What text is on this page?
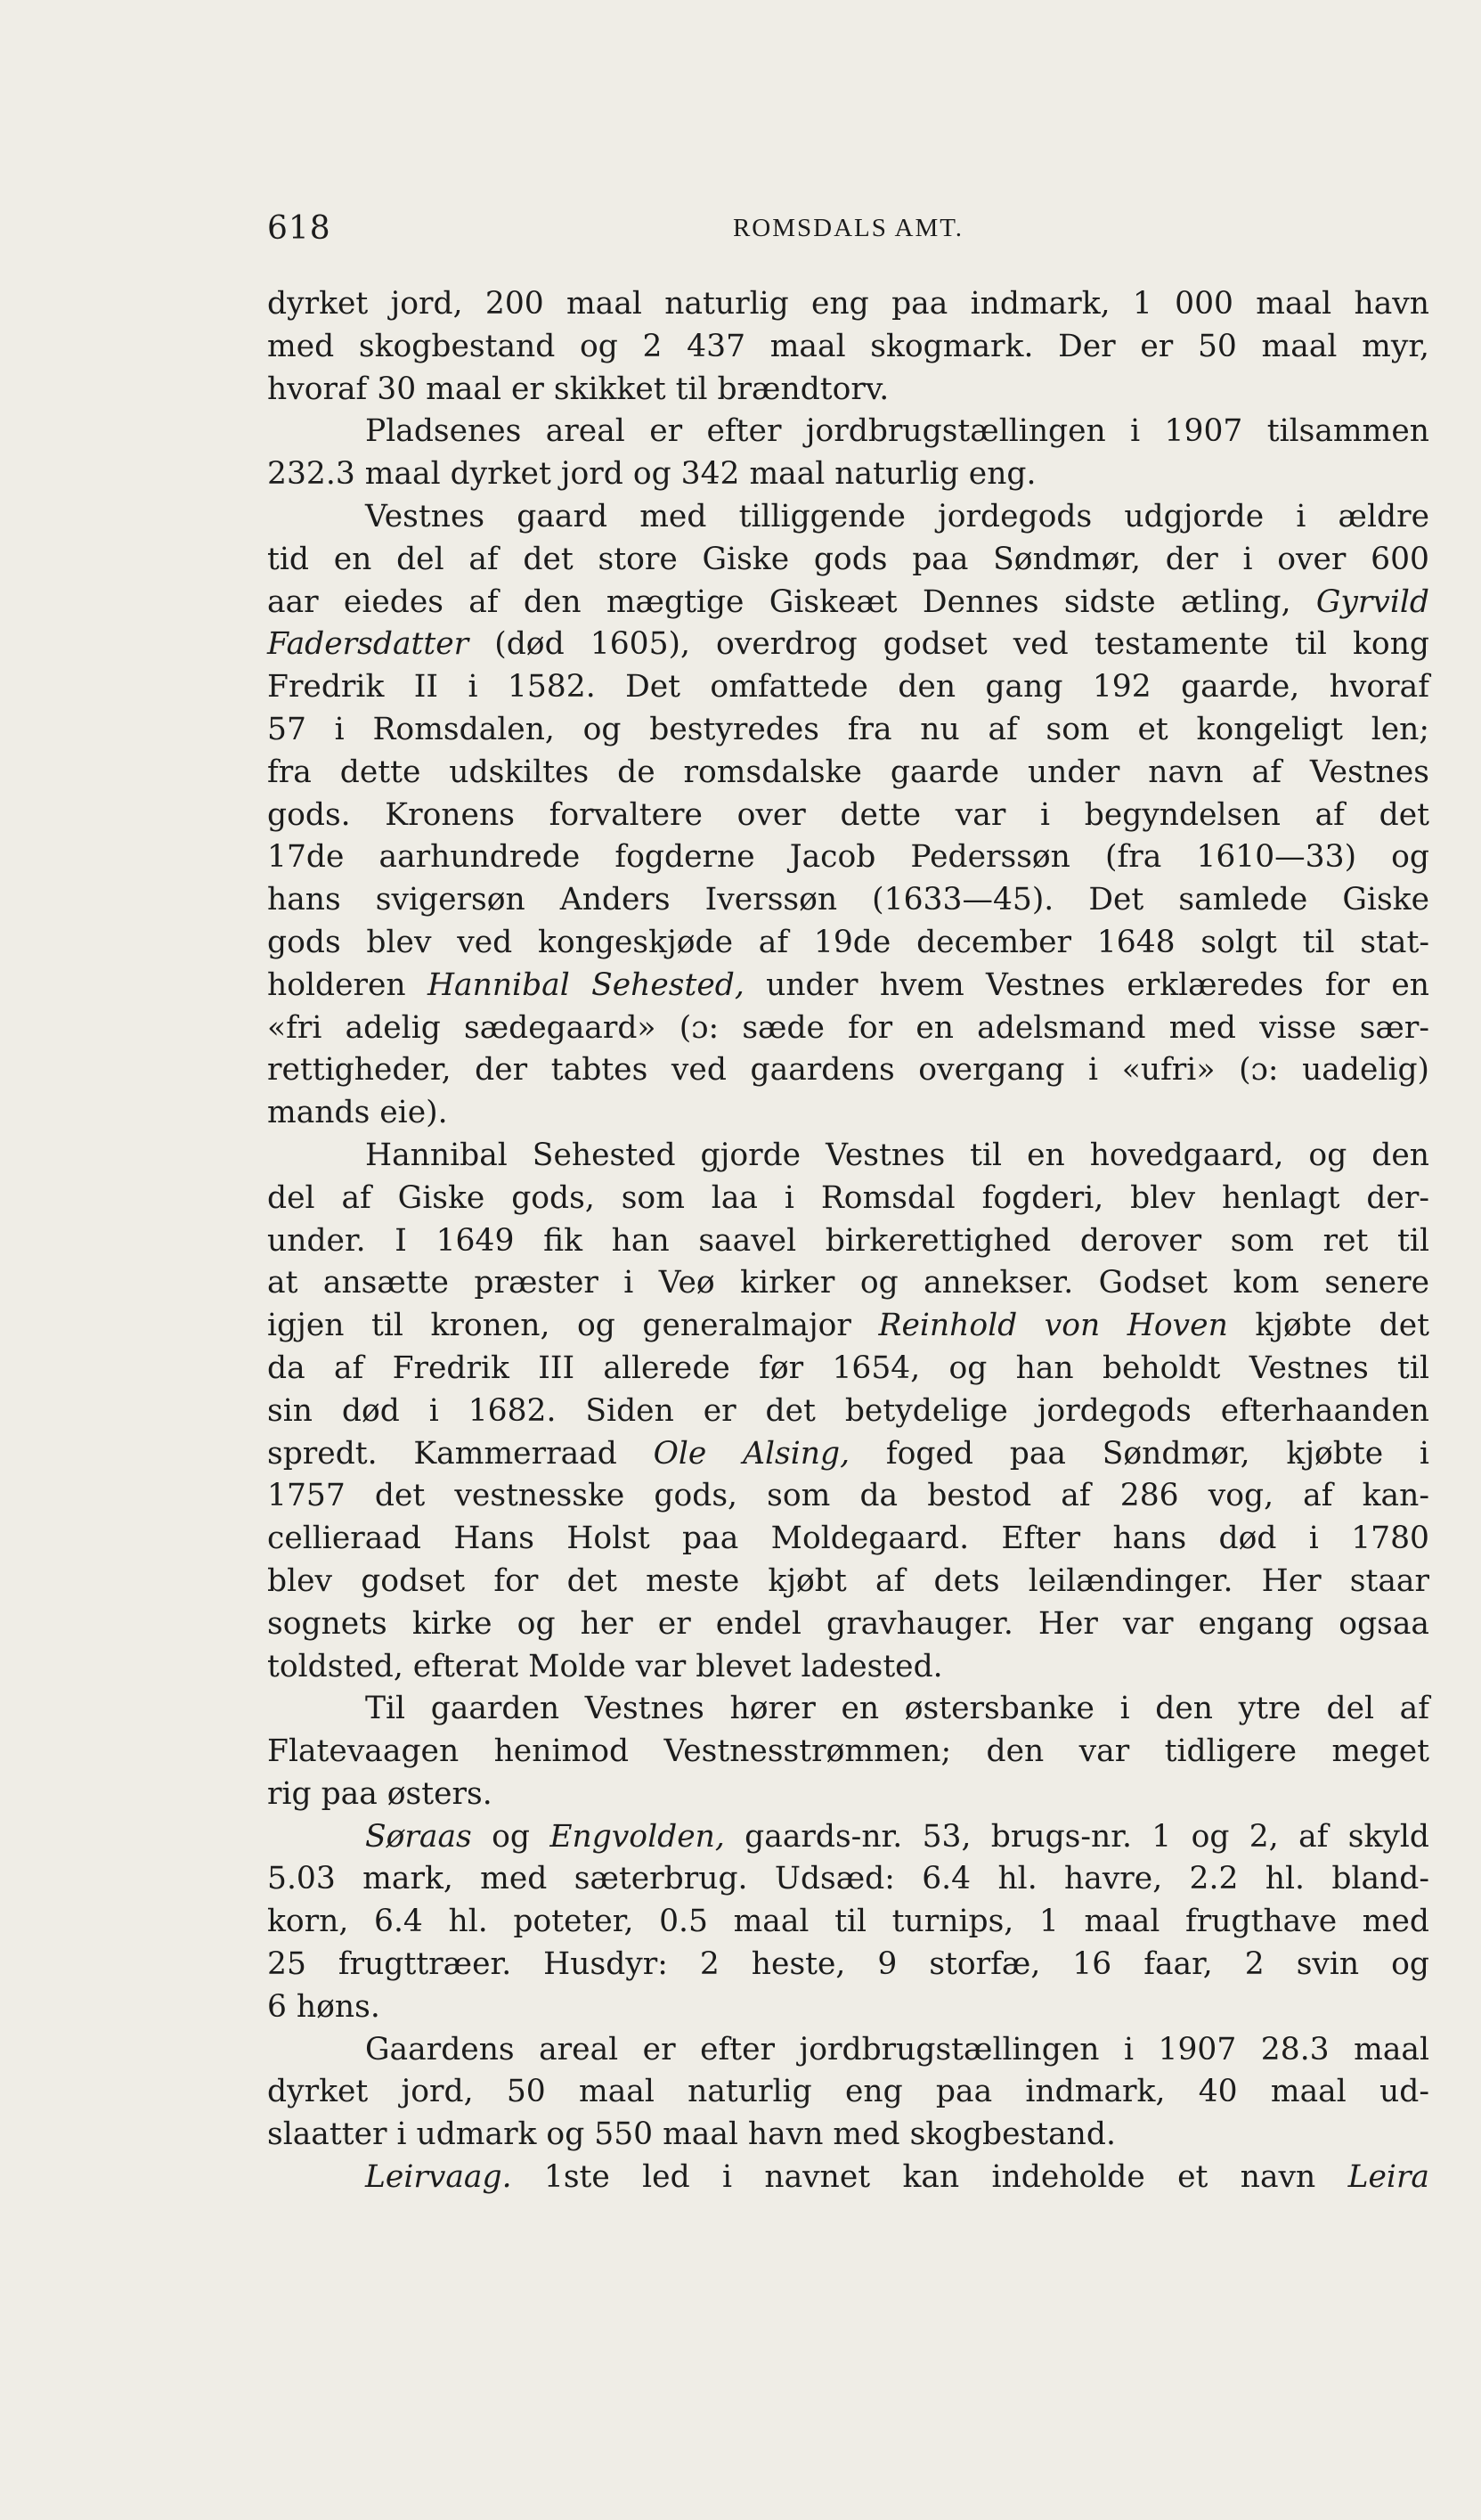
618	ROMSDALS AMT.
dyrket jord, 200 maal naturlig eng paa indmark, 1 000 maal havn
med skogbestand og 2 437 maal skogmark. Der er 50 maal myr,
hvoraf 30 maal er skikket til brændtorv.
Pladsenes areal er efter jordbrugstællingen i 1907 tilsammen
232.3 maal dyrket jord og 342 maal naturlig eng.
Vestnes gaard med tilliggende jordegods udgjorde i ældre
tid en del af det store Giske gods paa Søndmør, der i over 600
aar eiedes af den mægtige Giskeæt Dennes sidste ætling, Gyrvild
Fadersdatter (død 1605), overdrog godset ved testamente til kong
Fredrik II i 1582. Det omfattede den gang 192 gaarde, hvoraf
57 i Romsdalen, og bestyredes fra nu af som et kongeligt len;
fra dette udskiltes de romsdalske gaarde under navn af Vestnes
gods. Kronens forvaltere over dette var i begyndelsen af det
17de aarhundrede fogderne Jacob Pederssøn (fra 1610—33) og
hans svigersøn Anders Iverssøn (1633—45). Det samlede Giske
gods blev ved kongeskjøde af 19de december 1648 solgt til stat-
holderen Hannibal Sehested, under hvem Vestnes erklæredes for en
«fri adelig sædegaard» (ɔ: sæde for en adelsmand med visse sær-
rettigheder, der tabtes ved gaardens overgang i «ufri» (ɔ: uadelig)
mands eie).
Hannibal Sehested gjorde Vestnes til en hovedgaard, og den
del af Giske gods, som laa i Romsdal fogderi, blev henlagt der-
under. I 1649 fik han saavel birkerettighed derover som ret til
at ansætte præster i Veø kirker og annekser. Godset kom senere
igjen til kronen, og generalmajor Reinhold von Hoven kjøbte det
da af Fredrik III allerede før 1654, og han beholdt Vestnes til
sin død i 1682. Siden er det betydelige jordegods efterhaanden
spredt. Kammerraad Ole Alsing, foged paa Søndmør, kjøbte i
1757 det vestnesske gods, som da bestod af 286 vog, af kan-
cellieraad Hans Holst paa Moldegaard. Efter hans død i 1780
blev godset for det meste kjøbt af dets leilændinger. Her staar
sognets kirke og her er endel gravhauger. Her var engang ogsaa
toldsted, efterat Molde var blevet ladested.
Til gaarden Vestnes hører en østersbanke i den ytre del af
Flatevaagen henimod Vestnesstrømmen; den var tidligere meget
rig paa østers.
Søraas og Engvolden, gaards-nr. 53, brugs-nr. 1 og 2, af skyld
5.03 mark, med sæterbrug. Udsæd: 6.4 hl. havre, 2.2 hl. bland-
korn, 6.4 hl. poteter, 0.5 maal til turnips, 1 maal frugthave med
25 frugttræer. Husdyr: 2 heste, 9 storfæ, 16 faar, 2 svin og
6 høns.
Gaardens areal er efter jordbrugstællingen i 1907 28.3 maal
dyrket jord, 50 maal naturlig eng paa indmark, 40 maal ud-
slaatter i udmark og 550 maal havn med skogbestand.
Leirvaag. 1ste led i navnet kan indeholde et navn Leira
